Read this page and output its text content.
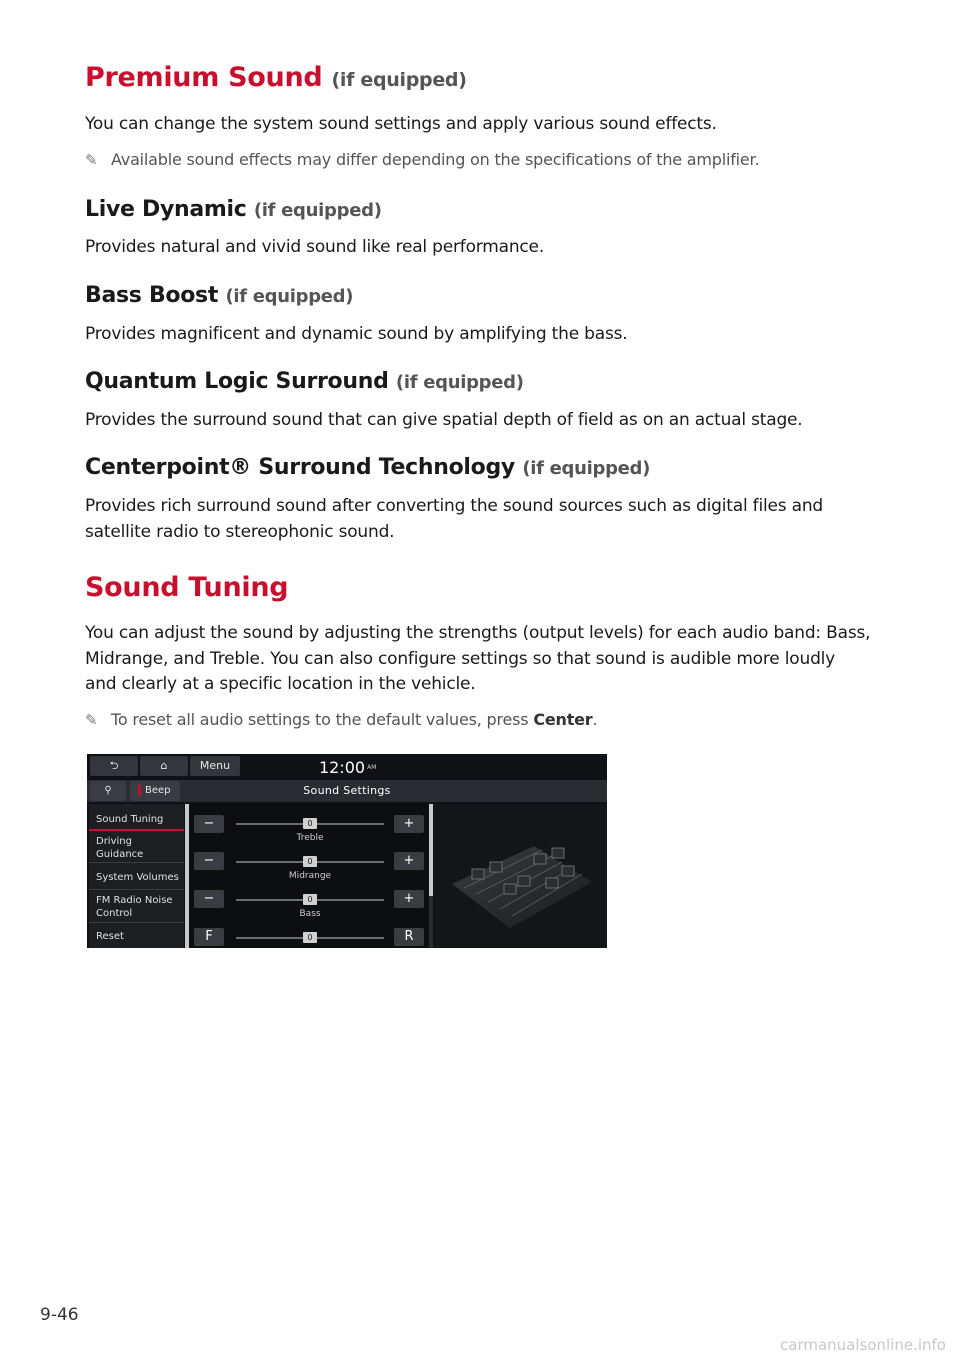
Premium Sound (if equipped)
You can change the system sound settings and apply various sound effects.
✎ Available sound effects may differ depending on the specifications of the amplifier.
Live Dynamic (if equipped)
Provides natural and vivid sound like real performance.
Bass Boost (if equipped)
Provides magnificent and dynamic sound by amplifying the bass.
Quantum Logic Surround (if equipped)
Provides the surround sound that can give spatial depth of field as on an actual stage.
Centerpoint® Surround Technology (if equipped)
Provides rich surround sound after converting the sound sources such as digital files and
satellite radio to stereophonic sound.
Sound Tuning
You can adjust the sound by adjusting the strengths (output levels) for each audio band: Bass,
Midrange, and Treble. You can also configure settings so that sound is audible more loudly
and clearly at a specific location in the vehicle.
✎ To reset all audio settings to the default values, press Center.
⮌	⌂	Menu	12:00 AM
⚲	Beep	Sound Settings
Sound Tuning
Driving
Guidance
System Volumes
FM Radio Noise
Control
Reset
−	0
Treble
+
−	0
Midrange
+
−	0
Bass
+
F	0	R
9-46
carmanualsonline.info
